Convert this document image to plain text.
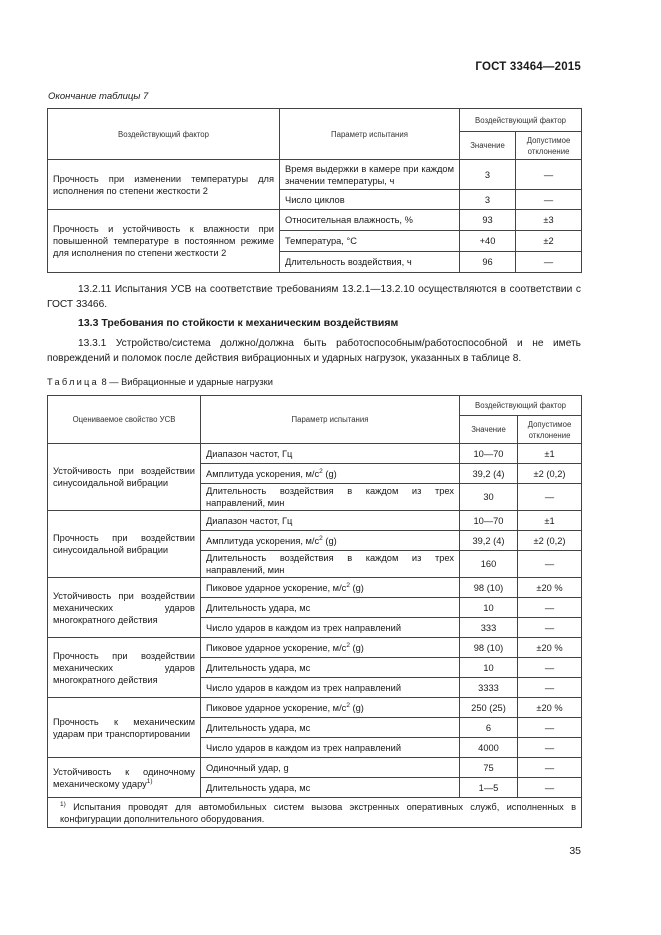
ГОСТ 33464—2015
Окончание таблицы 7
Воздействующий фактор	Параметр испытания	Воздействующий фактор	
		Значение	Допустимое отклонение
Прочность при изменении температуры для исполнения по степени жесткости 2	Время выдержки в камере при каждом значении температуры, ч	3	—
	Число циклов	3	—
Прочность и устойчивость к влажности при повышенной температуре в постоянном режиме для исполнения по степени жесткости 2	Относительная влажность, %	93	±3
	Температура, °С	+40	±2
	Длительность воздействия, ч	96	—
13.2.11 Испытания УСВ на соответствие требованиям 13.2.1—13.2.10 осуществляются в соответствии с ГОСТ 33466.
13.3 Требования по стойкости к механическим воздействиям
13.3.1 Устройство/система должно/должна быть работоспособным/работоспособной и не иметь повреждений и поломок после действия вибрационных и ударных нагрузок, указанных в таблице 8.
Таблица 8 — Вибрационные и ударные нагрузки
Оцениваемое свойство УСВ	Параметр испытания	Воздействующий фактор	
		Значение	Допустимое отклонение
Устойчивость при воздействии синусоидальной вибрации	Диапазон частот, Гц	10—70	±1
	Амплитуда ускорения, $м/с^2$ (g)	39,2 (4)	±2 (0,2)
	Длительность воздействия в каждом из трех направлений, мин	30	—
Прочность при воздействии синусоидальной вибрации	Диапазон частот, Гц	10—70	±1
	Амплитуда ускорения, $м/с^2$ (g)	39,2 (4)	±2 (0,2)
	Длительность воздействия в каждом из трех направлений, мин	160	—
Устойчивость при воздействии механических ударов многократного действия	Пиковое ударное ускорение, $м/с^2$ (g)	98 (10)	±20 %
	Длительность удара, мс	10	—
	Число ударов в каждом из трех направлений	333	—
Прочность при воздействии механических ударов многократного действия	Пиковое ударное ускорение, $м/с^2$ (g)	98 (10)	±20 %
	Длительность удара, мс	10	—
	Число ударов в каждом из трех направлений	3333	—
Прочность к механическим ударам при транспортировании	Пиковое ударное ускорение, $м/с^2$ (g)	250 (25)	±20 %
	Длительность удара, мс	6	—
	Число ударов в каждом из трех направлений	4000	—
Устойчивость к одиночному механическому удару$^{1)}$	Одиночный удар, g	75	—
	Длительность удара, мс	1—5	—
$^{1)}$ Испытания проводят для автомобильных систем вызова экстренных оперативных служб, исполненных в конфигурации дополнительного оборудования.			
35
